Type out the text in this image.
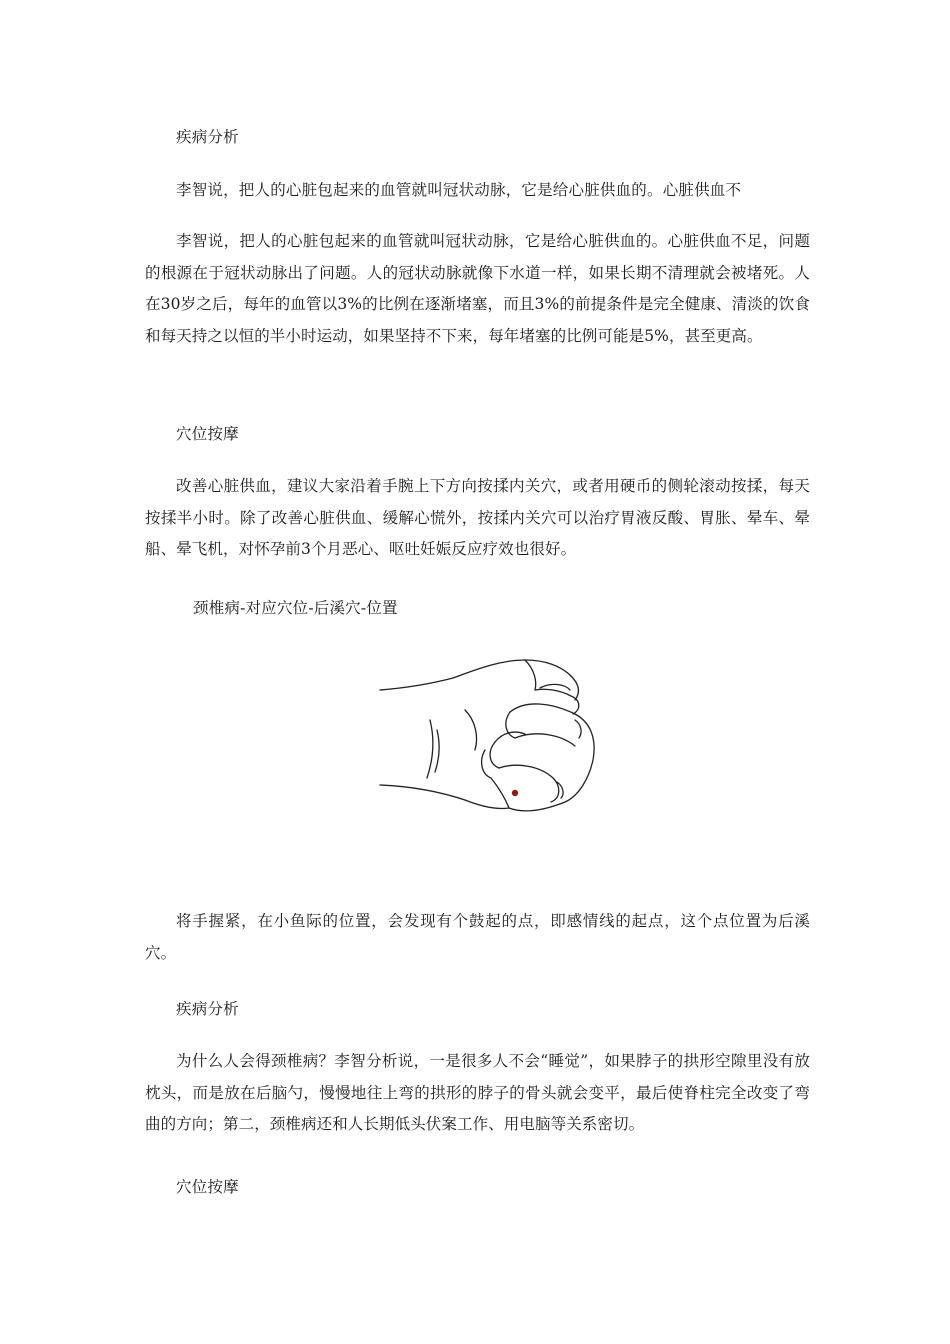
疾病分析
李智说，把人的心脏包起来的血管就叫冠状动脉，它是给心脏供血的。心脏供血不
李智说，把人的心脏包起来的血管就叫冠状动脉，它是给心脏供血的。心脏供血不足，问题的根源在于冠状动脉出了问题。人的冠状动脉就像下水道一样，如果长期不清理就会被堵死。人在30岁之后，每年的血管以3%的比例在逐渐堵塞，而且3%的前提条件是完全健康、清淡的饮食和每天持之以恒的半小时运动，如果坚持不下来，每年堵塞的比例可能是5%，甚至更高。
穴位按摩
改善心脏供血，建议大家沿着手腕上下方向按揉内关穴，或者用硬币的侧轮滚动按揉，每天按揉半小时。除了改善心脏供血、缓解心慌外，按揉内关穴可以治疗胃液反酸、胃胀、晕车、晕船、晕飞机，对怀孕前3个月恶心、呕吐妊娠反应疗效也很好。
颈椎病-对应穴位-后溪穴-位置
将手握紧，在小鱼际的位置，会发现有个鼓起的点，即感情线的起点，这个点位置为后溪穴。
疾病分析
为什么人会得颈椎病？李智分析说，一是很多人不会“睡觉”，如果脖子的拱形空隙里没有放枕头，而是放在后脑勺，慢慢地往上弯的拱形的脖子的骨头就会变平，最后使脊柱完全改变了弯曲的方向；第二，颈椎病还和人长期低头伏案工作、用电脑等关系密切。
穴位按摩
